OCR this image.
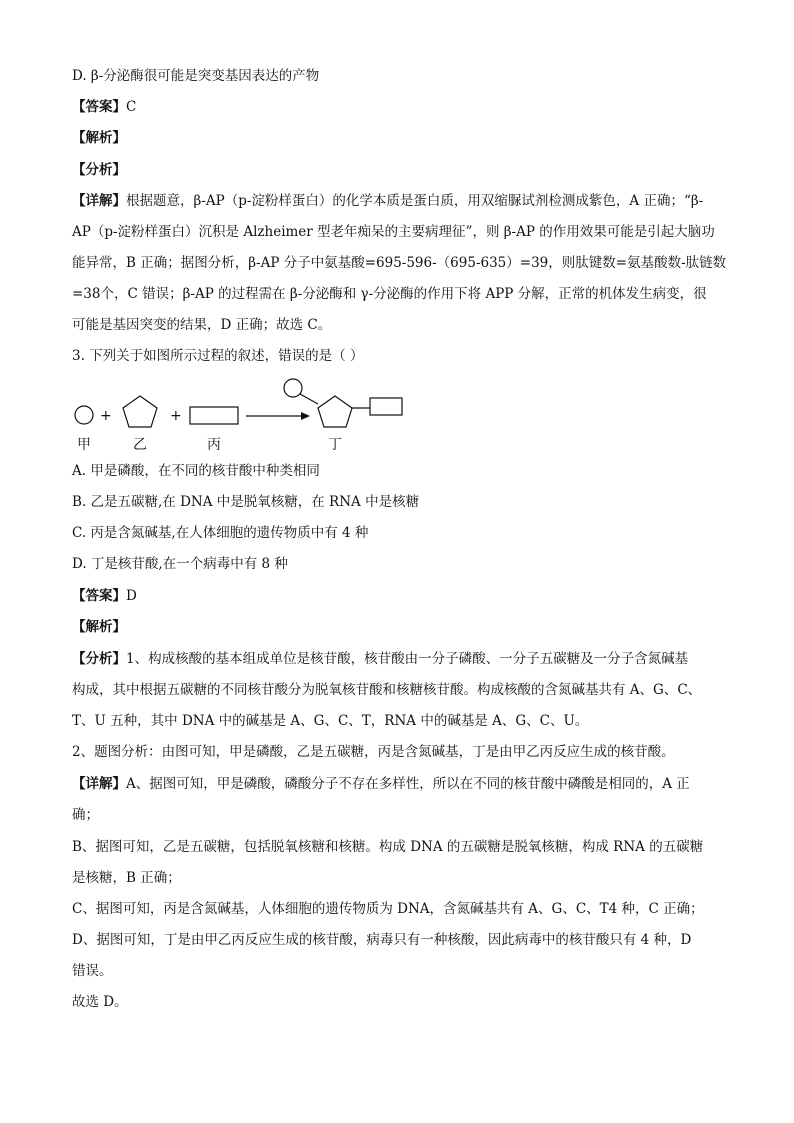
D. β-分泌酶很可能是突变基因表达的产物
【答案】C
【解析】
【分析】
【详解】根据题意，β-AP（p-淀粉样蛋白）的化学本质是蛋白质，用双缩脲试剂检测成紫色，A 正确；“β-
AP（p-淀粉样蛋白）沉积是 Alzheimer 型老年痴呆的主要病理征”，则 β-AP 的作用效果可能是引起大脑功
能异常，B 正确；据图分析，β-AP 分子中氨基酸=695-596-（695-635）=39，则肽键数=氨基酸数-肽链数
=38个，C 错误；β-AP 的过程需在 β-分泌酶和 γ-分泌酶的作用下将 APP 分解，正常的机体发生病变，很
可能是基因突变的结果，D 正确；故选 C。
3. 下列关于如图所示过程的叙述，错误的是（ ）
+	+
甲	乙	丙	丁
A. 甲是磷酸，在不同的核苷酸中种类相同
B. 乙是五碳糖,在 DNA 中是脱氧核糖，在 RNA 中是核糖
C. 丙是含氮碱基,在人体细胞的遗传物质中有 4 种
D. 丁是核苷酸,在一个病毒中有 8 种
【答案】D
【解析】
【分析】1、构成核酸的基本组成单位是核苷酸，核苷酸由一分子磷酸、一分子五碳糖及一分子含氮碱基
构成，其中根据五碳糖的不同核苷酸分为脱氧核苷酸和核糖核苷酸。构成核酸的含氮碱基共有 A、G、C、
T、U 五种，其中 DNA 中的碱基是 A、G、C、T，RNA 中的碱基是 A、G、C、U。
2、题图分析：由图可知，甲是磷酸，乙是五碳糖，丙是含氮碱基，丁是由甲乙丙反应生成的核苷酸。
【详解】A、据图可知，甲是磷酸，磷酸分子不存在多样性，所以在不同的核苷酸中磷酸是相同的，A 正
确；
B、据图可知，乙是五碳糖，包括脱氧核糖和核糖。构成 DNA 的五碳糖是脱氧核糖，构成 RNA 的五碳糖
是核糖，B 正确；
C、据图可知，丙是含氮碱基，人体细胞的遗传物质为 DNA，含氮碱基共有 A、G、C、T4 种，C 正确；
D、据图可知，丁是由甲乙丙反应生成的核苷酸，病毒只有一种核酸，因此病毒中的核苷酸只有 4 种，D
错误。
故选 D。
